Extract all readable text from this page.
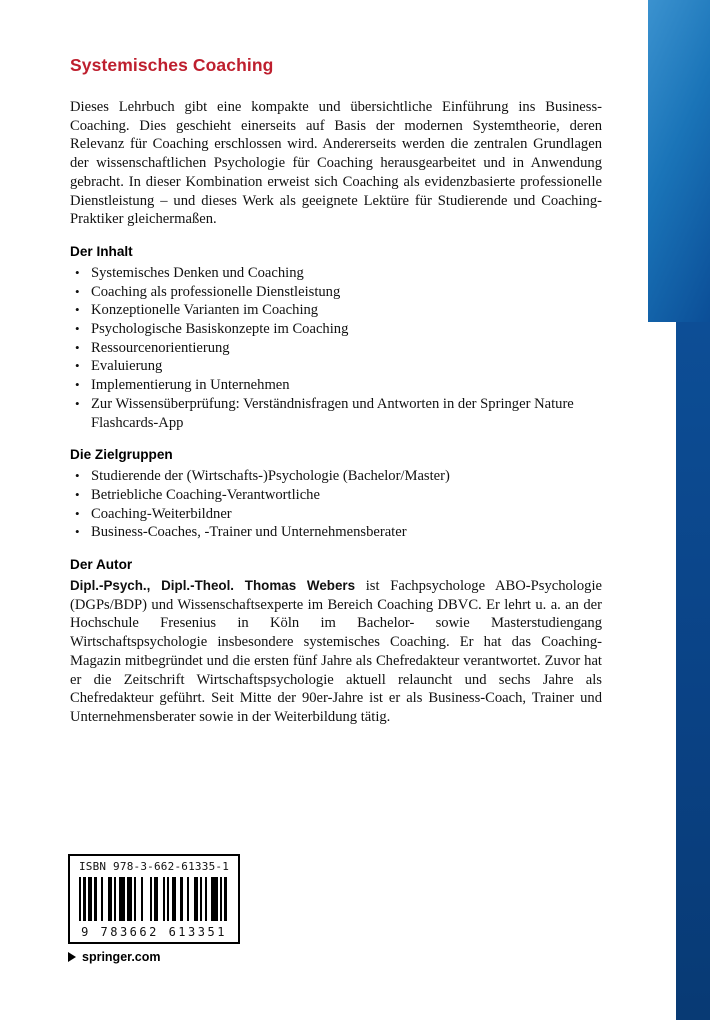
Systemisches Coaching

Dieses Lehrbuch gibt eine kompakte und übersichtliche Einführung ins Business-Coaching. Dies geschieht einerseits auf Basis der modernen Systemtheorie, deren Relevanz für Coaching erschlossen wird. Andererseits werden die zentralen Grundlagen der wissenschaftlichen Psychologie für Coaching herausgearbeitet und in Anwendung gebracht. In dieser Kombination erweist sich Coaching als evidenzbasierte professionelle Dienstleistung – und dieses Werk als geeignete Lektüre für Studierende und Coaching-Praktiker gleichermaßen.

Der Inhalt
• Systemisches Denken und Coaching
• Coaching als professionelle Dienstleistung
• Konzeptionelle Varianten im Coaching
• Psychologische Basiskonzepte im Coaching
• Ressourcenorientierung
• Evaluierung
• Implementierung in Unternehmen
• Zur Wissensüberprüfung: Verständnisfragen und Antworten in der Springer Nature Flashcards-App
Die Zielgruppen
• Studierende der (Wirtschafts-)Psychologie (Bachelor/Master)
• Betriebliche Coaching-Verantwortliche
• Coaching-Weiterbildner
• Business-Coaches, -Trainer und Unternehmensberater
Der Autor

Dipl.-Psych., Dipl.-Theol. Thomas Webers ist Fachpsychologe ABO-Psychologie (DGPs/BDP) und Wissenschaftsexperte im Bereich Coaching DBVC. Er lehrt u. a. an der Hochschule Fresenius in Köln im Bachelor- sowie Masterstudiengang Wirtschaftspsychologie insbesondere systemisches Coaching. Er hat das Coaching-Magazin mitbegründet und die ersten fünf Jahre als Chefredakteur verantwortet. Zuvor hat er die Zeitschrift Wirtschaftspsychologie aktuell relauncht und sechs Jahre als Chefredakteur geführt. Seit Mitte der 90er-Jahre ist er als Business-Coach, Trainer und Unternehmensberater sowie in der Weiterbildung tätig.

ISBN 978-3-662-61335-1
9 783662 613351
springer.com
